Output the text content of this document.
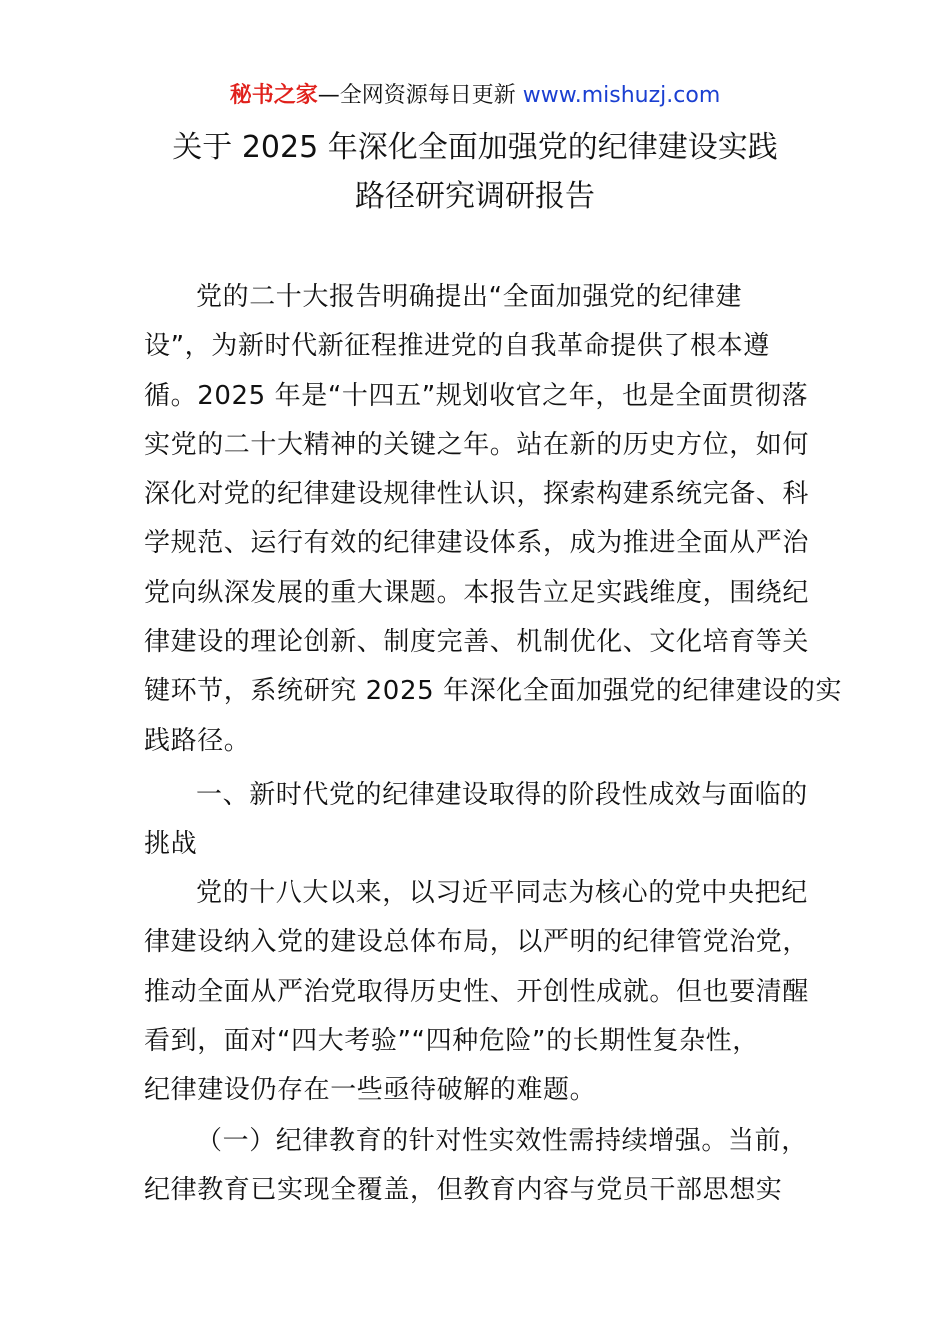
秘书之家—全网资源每日更新 www.mishuzj.com
关于 2025 年深化全面加强党的纪律建设实践
路径研究调研报告
党的二十大报告明确提出“全面加强党的纪律建
设”，为新时代新征程推进党的自我革命提供了根本遵
循。2025 年是“十四五”规划收官之年，也是全面贯彻落
实党的二十大精神的关键之年。站在新的历史方位，如何
深化对党的纪律建设规律性认识，探索构建系统完备、科
学规范、运行有效的纪律建设体系，成为推进全面从严治
党向纵深发展的重大课题。本报告立足实践维度，围绕纪
律建设的理论创新、制度完善、机制优化、文化培育等关
键环节，系统研究 2025 年深化全面加强党的纪律建设的实
践路径。
一、新时代党的纪律建设取得的阶段性成效与面临的
挑战
党的十八大以来，以习近平同志为核心的党中央把纪
律建设纳入党的建设总体布局，以严明的纪律管党治党，
推动全面从严治党取得历史性、开创性成就。但也要清醒
看到，面对“四大考验”“四种危险”的长期性复杂性，
纪律建设仍存在一些亟待破解的难题。
（一）纪律教育的针对性实效性需持续增强。当前，
纪律教育已实现全覆盖，但教育内容与党员干部思想实
